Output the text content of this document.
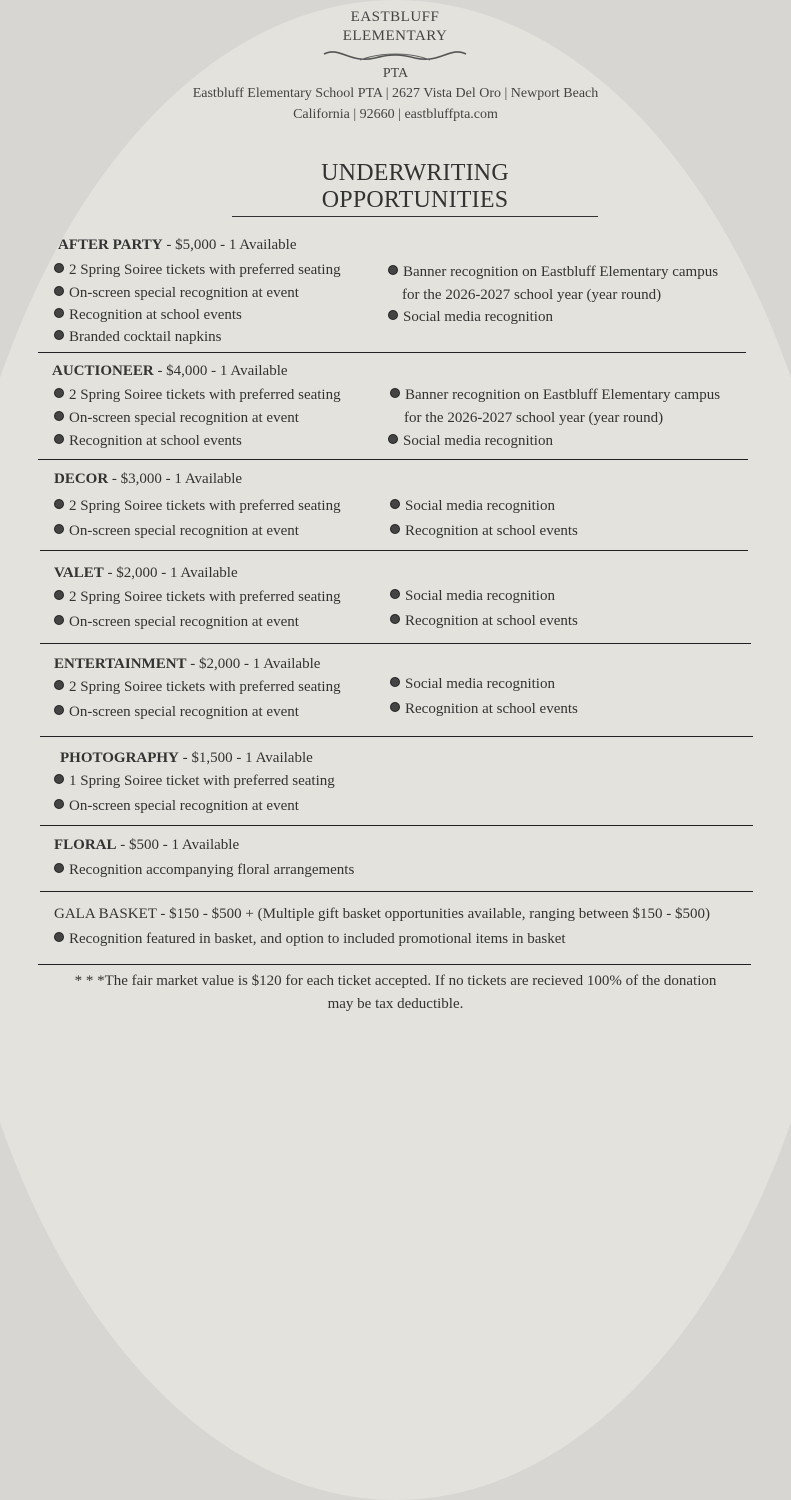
EASTBLUFF
ELEMENTARY
PTA
Eastbluff Elementary School PTA | 2627 Vista Del Oro | Newport Beach
California | 92660 | eastbluffpta.com
UNDERWRITING OPPORTUNITIES
AFTER PARTY - $5,000 - 1 Available
2 Spring Soiree tickets with preferred seating
On-screen special recognition at event
Recognition at school events
Branded cocktail napkins
Banner recognition on Eastbluff Elementary campus
for the 2026-2027 school year (year round)
Social media recognition
AUCTIONEER - $4,000 - 1 Available
2 Spring Soiree tickets with preferred seating
On-screen special recognition at event
Recognition at school events
Banner recognition on Eastbluff Elementary campus
for the 2026-2027 school year (year round)
Social media recognition
DECOR - $3,000 - 1 Available
2 Spring Soiree tickets with preferred seating
On-screen special recognition at event
Social media recognition
Recognition at school events
VALET - $2,000 - 1 Available
2 Spring Soiree tickets with preferred seating
On-screen special recognition at event
Social media recognition
Recognition at school events
ENTERTAINMENT - $2,000 - 1 Available
2 Spring Soiree tickets with preferred seating
On-screen special recognition at event
Social media recognition
Recognition at school events
PHOTOGRAPHY - $1,500 - 1 Available
1 Spring Soiree ticket with preferred seating
On-screen special recognition at event
FLORAL - $500 - 1 Available
Recognition accompanying floral arrangements
GALA BASKET - $150 - $500 + (Multiple gift basket opportunities available, ranging between $150 - $500)
Recognition featured in basket, and option to included promotional items in basket
* * *The fair market value is $120 for each ticket accepted. If no tickets are recieved 100% of the donation
may be tax deductible.
